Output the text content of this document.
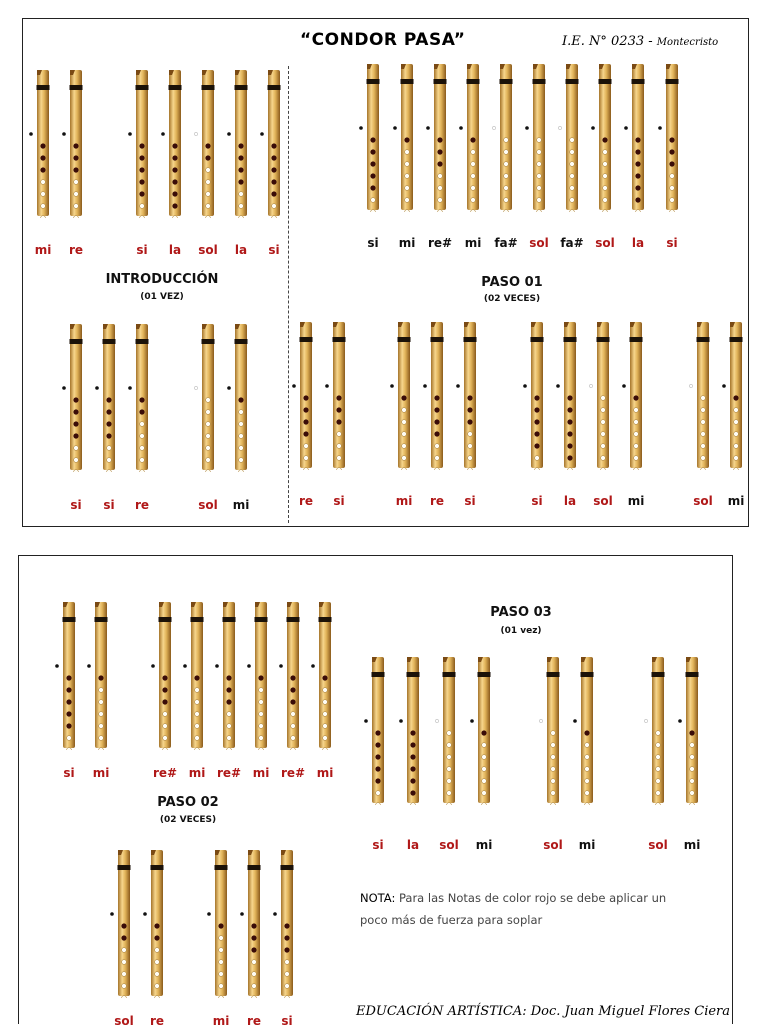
“CONDOR PASA”	I.E. N° 0233 - Montecristo
INTRODUCCIÓN
(01 VEZ)
PASO 01
(02 VECES)
PASO 03
(01 vez)
PASO 02
(02 VECES)
NOTA: Para las Notas de color rojo se debe aplicar un poco más de fuerza para soplar
EDUCACIÓN ARTÍSTICA: Doc. Juan Miguel Flores Ciera
mi	re	si	la	sol	la	si	si	mi	re#	mi	fa# sol fa# sol	la	si
si	si	re	sol	mi	re	si	mi	re	si	si	la	sol	mi	sol	mi
si	mi	re# mi re# mi re# mi
si	la	sol	mi	sol	mi	sol	mi
sol	re	mi	re	si
